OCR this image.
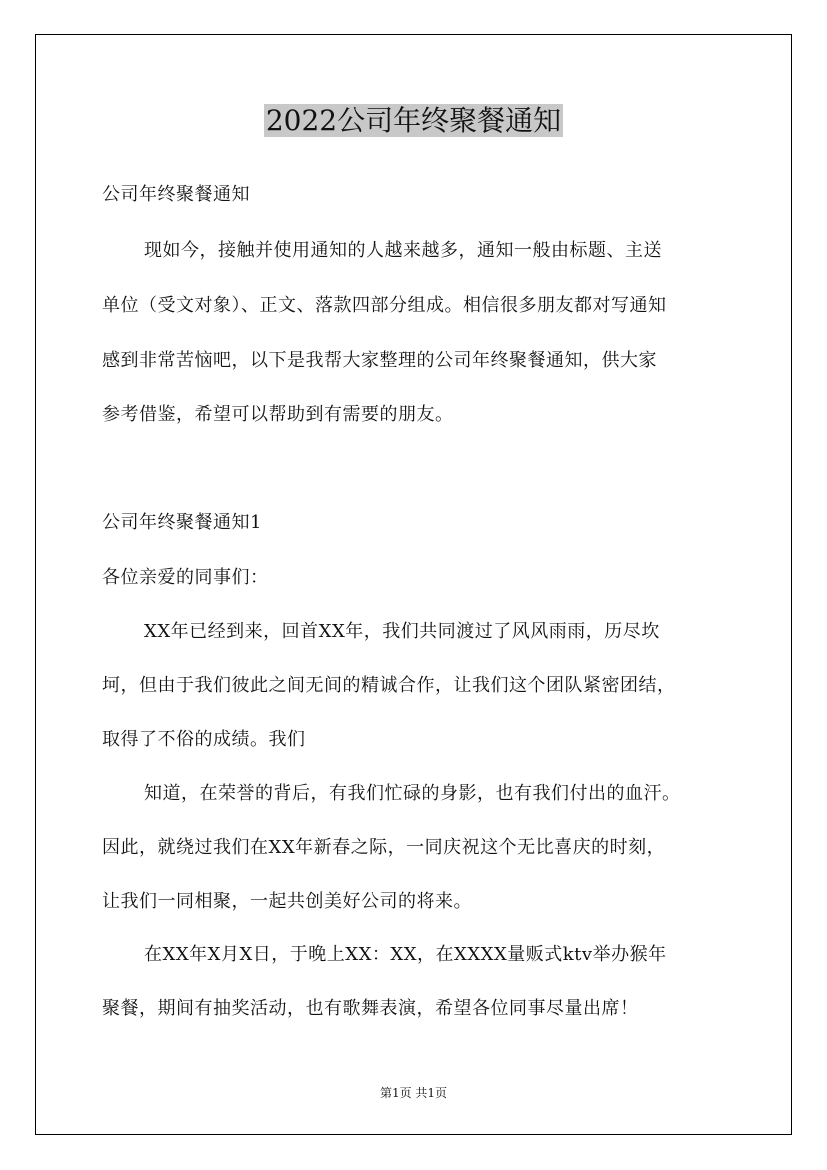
2022公司年终聚餐通知
公司年终聚餐通知
现如今，接触并使用通知的人越来越多，通知一般由标题、主送
单位（受文对象）、正文、落款四部分组成。相信很多朋友都对写通知
感到非常苦恼吧，以下是我帮大家整理的公司年终聚餐通知，供大家
参考借鉴，希望可以帮助到有需要的朋友。
公司年终聚餐通知1
各位亲爱的同事们：
XX年已经到来，回首XX年，我们共同渡过了风风雨雨，历尽坎
坷，但由于我们彼此之间无间的精诚合作，让我们这个团队紧密团结，
取得了不俗的成绩。我们
知道，在荣誉的背后，有我们忙碌的身影，也有我们付出的血汗。
因此，就绕过我们在XX年新春之际，一同庆祝这个无比喜庆的时刻，
让我们一同相聚，一起共创美好公司的将来。
在XX年X月X日，于晚上XX：XX，在XXXX量贩式ktv举办猴年
聚餐，期间有抽奖活动，也有歌舞表演，希望各位同事尽量出席！
第1页 共1页
